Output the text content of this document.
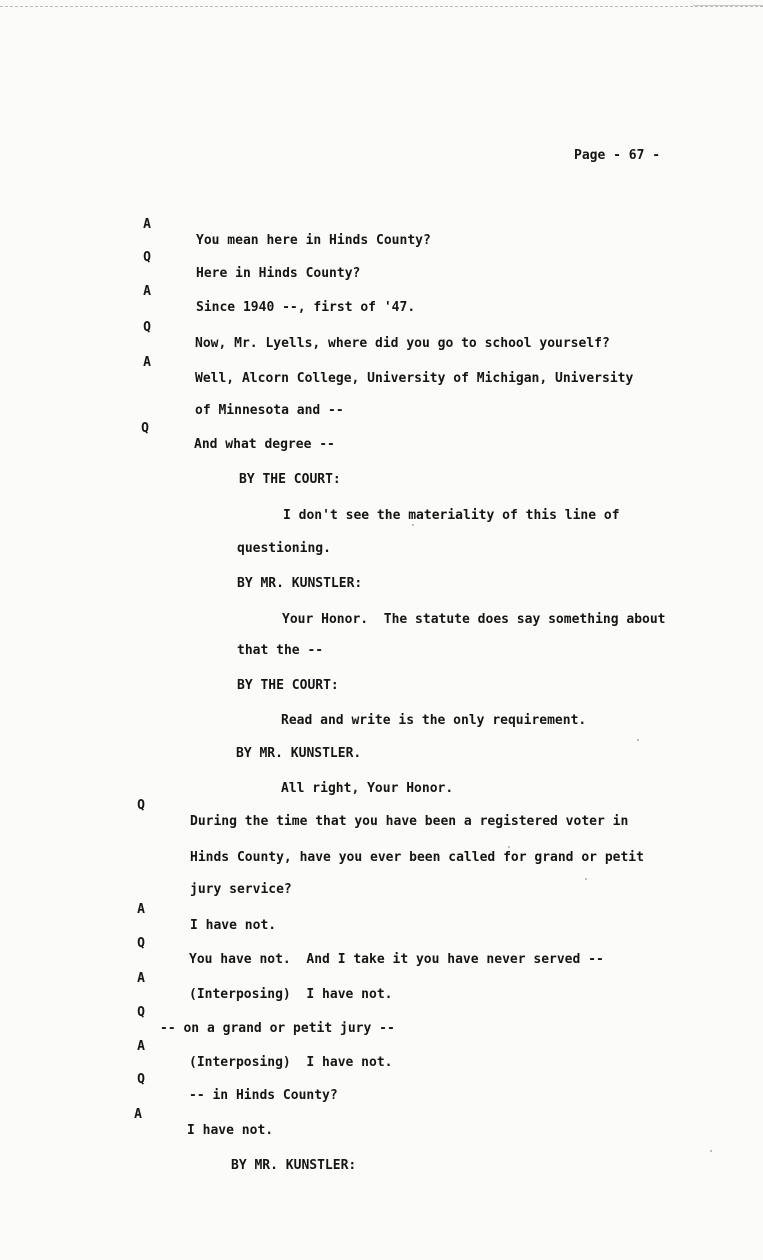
Page - 67 -

A

You mean here in Hinds County?

Q

Here in Hinds County?

A

Since 1940 --, first of '47.

Q

Now, Mr. Lyells, where did you go to school yourself?

A

Well, Alcorn College, University of Michigan, University

of Minnesota and --

Q

And what degree --

BY THE COURT:

I don't see the materiality of this line of

questioning.

BY MR. KUNSTLER:

Your Honor.  The statute does say something about

that the --

BY THE COURT:

Read and write is the only requirement.

BY MR. KUNSTLER.

All right, Your Honor.

Q

During the time that you have been a registered voter in

Hinds County, have you ever been called for grand or petit

jury service?

A

I have not.

Q

You have not.  And I take it you have never served --

A

(Interposing)  I have not.

Q

-- on a grand or petit jury --

A

(Interposing)  I have not.

Q

-- in Hinds County?

A

I have not.

BY MR. KUNSTLER:
